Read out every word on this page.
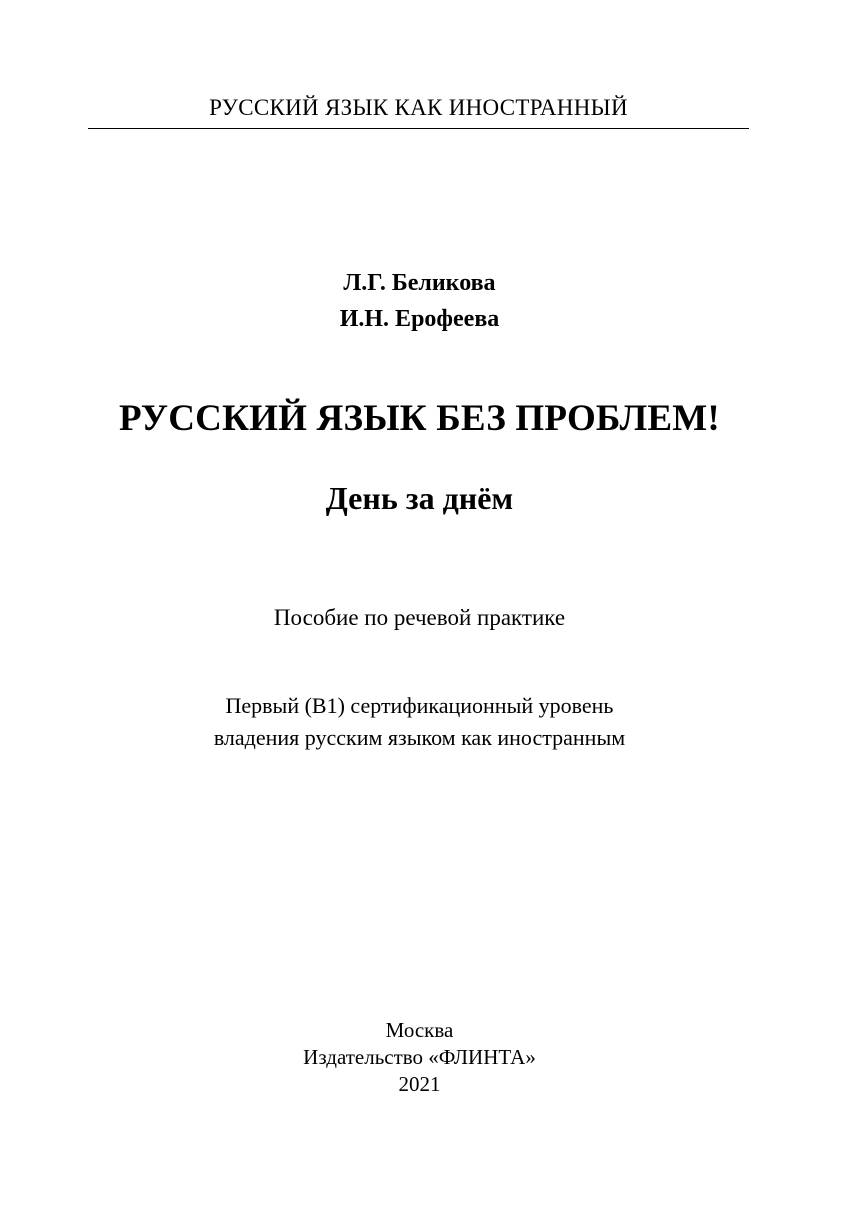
РУССКИЙ ЯЗЫК КАК ИНОСТРАННЫЙ
Л.Г. Беликова
И.Н. Ерофеева
РУССКИЙ ЯЗЫК БЕЗ ПРОБЛЕМ!
День за днём
Пособие по речевой практике
Первый (B1) сертификационный уровень
владения русским языком как иностранным
Москва
Издательство «ФЛИНТА»
2021
